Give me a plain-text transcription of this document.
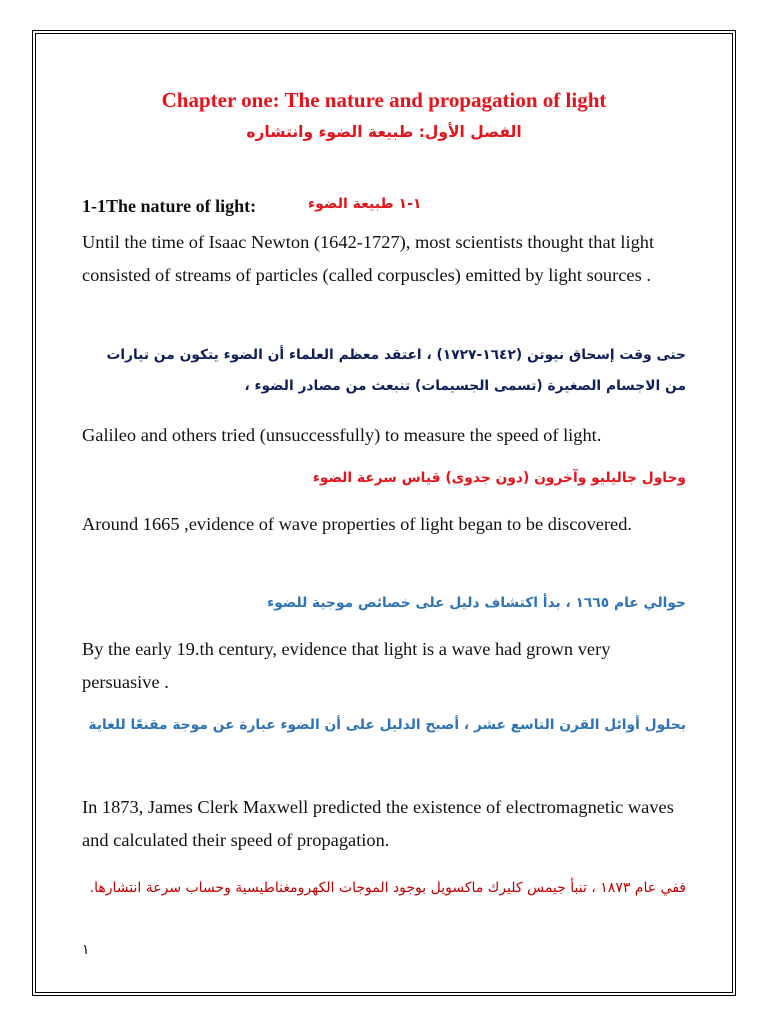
Chapter one: The nature and propagation of light
الفصل الأول: طبيعة الضوء وانتشاره
1-1The nature of light:	١-١ طبيعة الضوء
Until the time of Isaac Newton (1642-1727), most scientists thought that light consisted of streams of particles (called corpuscles) emitted by light sources .
حتى وقت إسحاق نيوتن (١٦٤٢-١٧٢٧) ، اعتقد معظم العلماء أن الضوء يتكون من تيارات من الاجسام الصغيرة (تسمى الجسيمات) تنبعث من مصادر الضوء ،
Galileo and others tried (unsuccessfully) to measure the speed of light.
وحاول جاليليو وآخرون (دون جدوى) قياس سرعة الضوء
Around 1665 ,evidence of wave properties of light began to be discovered.
حوالي عام ١٦٦٥ ، بدأ اكتشاف دليل على خصائص موجية للضوء
By the early 19.th century, evidence that light is a wave had grown very persuasive .
بحلول أوائل القرن التاسع عشر ، أصبح الدليل على أن الضوء عبارة عن موجة مقنعًا للغاية
In 1873, James Clerk Maxwell predicted the existence of electromagnetic waves and calculated their speed of propagation.
ففي عام ١٨٧٣ ، تنبأ جيمس كليرك ماكسويل بوجود الموجات الكهرومغناطيسية وحساب سرعة انتشارها.
١
